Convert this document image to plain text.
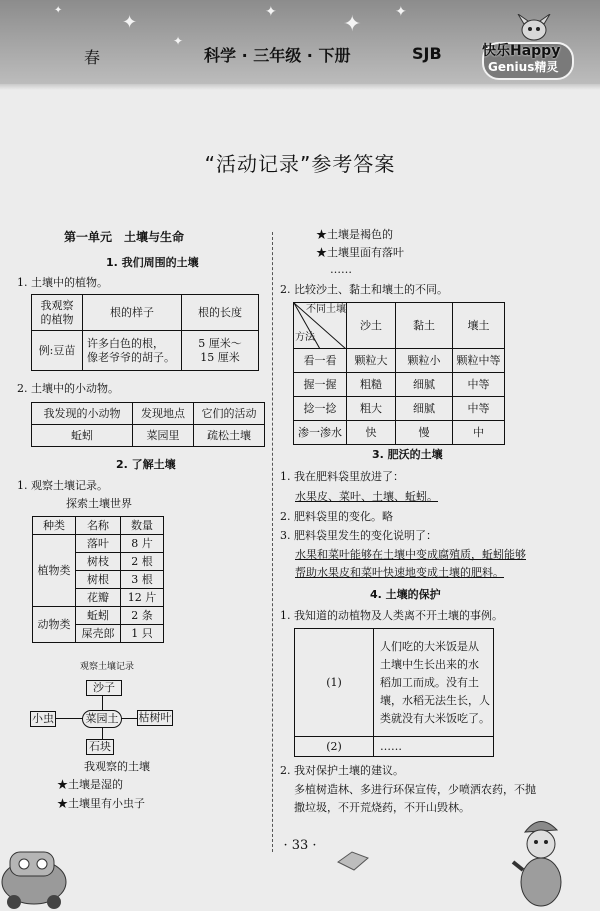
✦
✦
✦	✦ ✦
✦
春	科学 · 三年级 · 下册	SJB	快乐Happy
Genius精灵
“活动记录”参考答案
第一单元　土壤与生命
1. 我们周围的土壤
1. 土壤中的植物。
我观察
的植物	根的样子	根的长度
例:豆苗	许多白色的根，
像老爷爷的胡子。	5 厘米～
15 厘米
2. 土壤中的小动物。
我发现的小动物	发现地点	它们的活动
蚯蚓	菜园里	疏松土壤
2. 了解土壤
1. 观察土壤记录。
探索土壤世界
种类	名称	数量
植物类	落叶	8 片
	树枝	2 根
	树根	3 根
	花瓣	12 片
动物类	蚯蚓	2 条
	屎壳郎	1 只
观察土壤记录
沙子
小虫	菜园土	枯树叶
石块
我观察的土壤
★土壤是湿的
★土壤里有小虫子
★土壤是褐色的
★土壤里面有落叶
……
2. 比较沙土、黏土和壤土的不同。
不同土壤
方法	沙土	黏土	壤土
看一看	颗粒大	颗粒小	颗粒中等
握一握	粗糙	细腻	中等
捻一捻	粗大	细腻	中等
渗一渗水	快	慢	中
3. 肥沃的土壤
1. 我在肥料袋里放进了：
水果皮、菜叶、土壤、蚯蚓。
2. 肥料袋里的变化。略
3. 肥料袋里发生的变化说明了：
水果和菜叶能够在土壤中变成腐殖质，蚯蚓能够
帮助水果皮和菜叶快速地变成土壤的肥料。
4. 土壤的保护
1. 我知道的动植物及人类离不开土壤的事例。
(1)	人们吃的大米饭是从
土壤中生长出来的水
稻加工而成。没有土
壤，水稻无法生长，人
类就没有大米饭吃了。
(2)	……
2. 我对保护土壤的建议。
多植树造林、多进行环保宣传，少喷洒农药，不抛
撒垃圾，不开荒烧药，不开山毁林。
· 33 ·
